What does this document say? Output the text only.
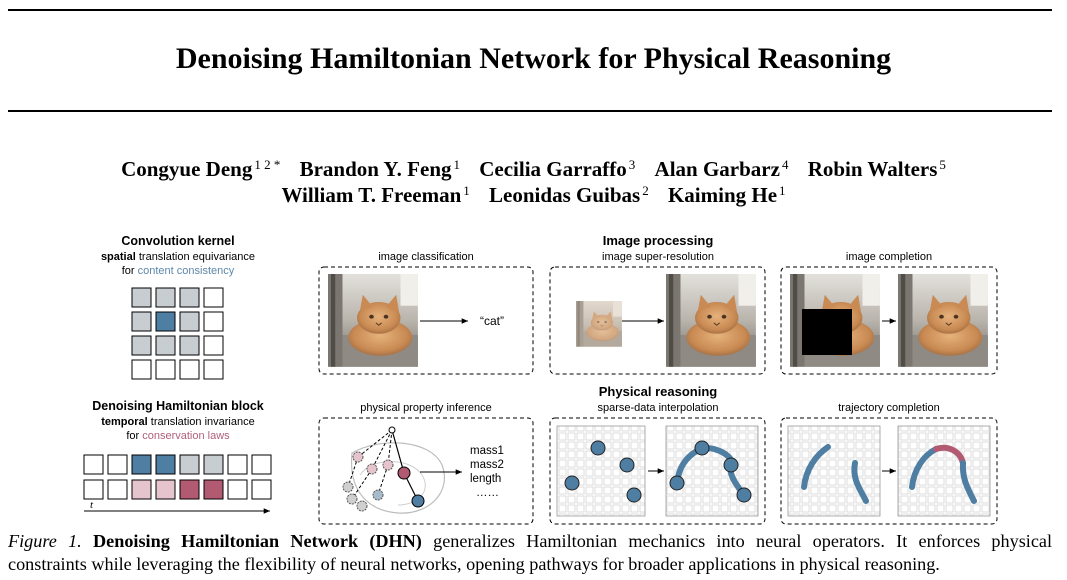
Denoising Hamiltonian Network for Physical Reasoning
Congyue Deng $^{1 2 *}$ Brandon Y. Feng $^1$ Cecilia Garraffo $^3$ Alan Garbarz $^4$ Robin Walters $^5$
William T. Freeman $^1$ Leonidas Guibas $^2$ Kaiming He $^1$
Convolution kernel
spatial translation equivariance
for content consistency
Denoising Hamiltonian block
temporal translation invariance
for conservation laws
t
Image processing
image classification	image super-resolution	image completion
“cat”
Physical reasoning
physical property inference	sparse-data interpolation	trajectory completion
mass1
mass2
length
……
Figure 1. Denoising Hamiltonian Network (DHN) generalizes Hamiltonian mechanics into neural operators. It enforces physical
constraints while leveraging the flexibility of neural networks, opening pathways for broader applications in physical reasoning.
